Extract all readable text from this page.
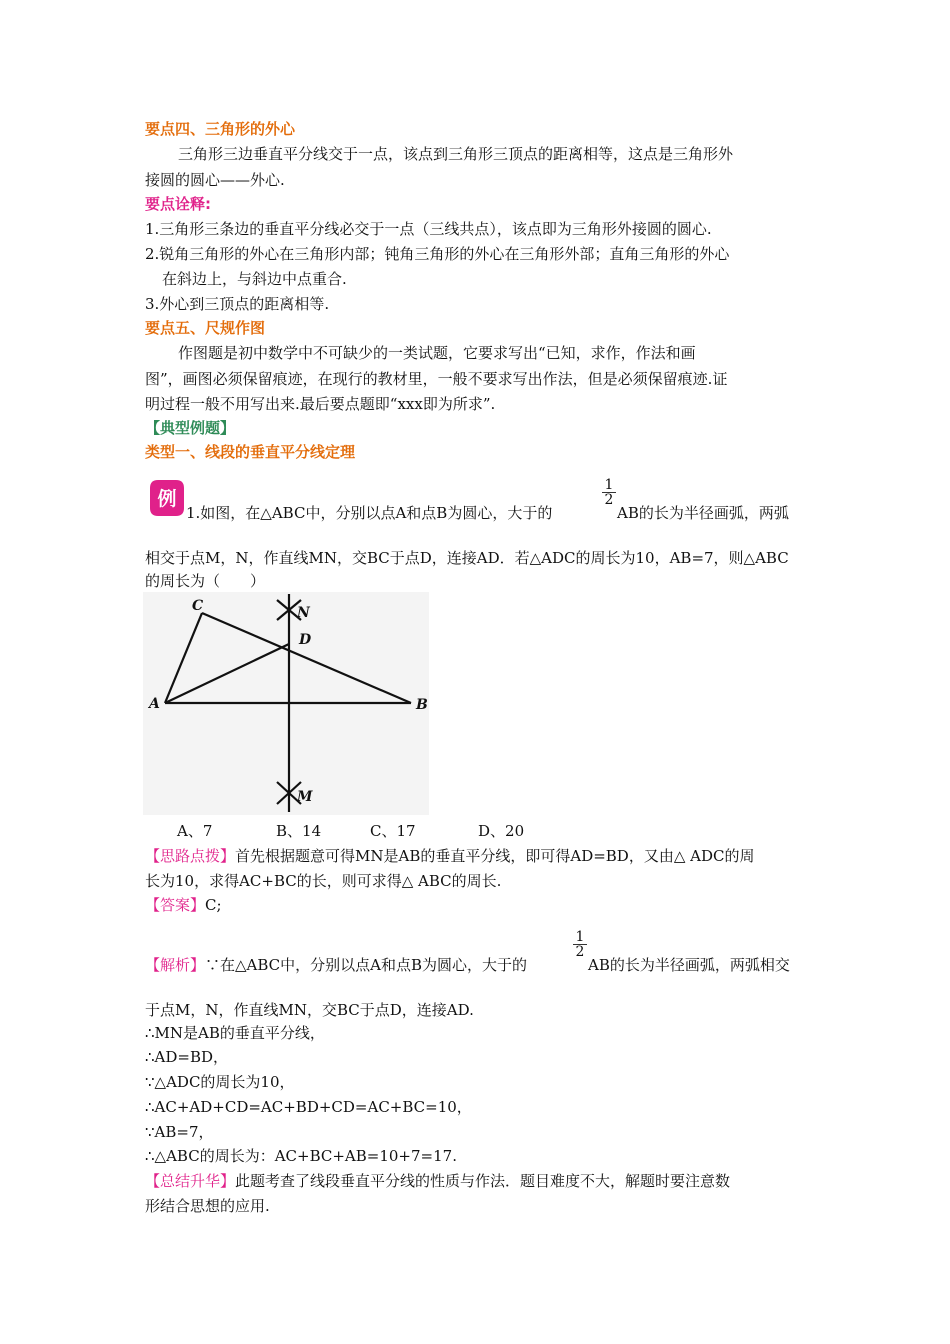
要点四、三角形的外心
三角形三边垂直平分线交于一点，该点到三角形三顶点的距离相等，这点是三角形外
接圆的圆心——外心.
要点诠释:
1.三角形三条边的垂直平分线必交于一点（三线共点），该点即为三角形外接圆的圆心.
2.锐角三角形的外心在三角形内部；钝角三角形的外心在三角形外部；直角三角形的外心
在斜边上，与斜边中点重合.
3.外心到三顶点的距离相等.
要点五、尺规作图
作图题是初中数学中不可缺少的一类试题，它要求写出“已知，求作，作法和画
图”，画图必须保留痕迹，在现行的教材里，一般不要求写出作法，但是必须保留痕迹.证
明过程一般不用写出来.最后要点题即“xxx即为所求”.
【典型例题】
类型一、线段的垂直平分线定理
例
1.如图，在△ABC中，分别以点A和点B为圆心，大于的
$\frac{1}{2}$
AB的长为半径画弧，两弧
相交于点M，N，作直线MN，交BC于点D，连接AD．若△ADC的周长为10，AB=7，则△ABC
的周长为（　　）
A	B
C
D
M
N
A、7	B、14	C、17	D、20
【思路点拨】首先根据题意可得MN是AB的垂直平分线，即可得AD=BD，又由△ ADC的周
长为10，求得AC+BC的长，则可求得△ ABC的周长.
【答案】C;
【解析】∵在△ABC中，分别以点A和点B为圆心，大于的
$\frac{1}{2}$
AB的长为半径画弧，两弧相交
于点M，N，作直线MN，交BC于点D，连接AD.
∴MN是AB的垂直平分线，
∴AD=BD，
∵△ADC的周长为10，
∴AC+AD+CD=AC+BD+CD=AC+BC=10，
∵AB=7，
∴△ABC的周长为：AC+BC+AB=10+7=17.
【总结升华】此题考查了线段垂直平分线的性质与作法．题目难度不大，解题时要注意数
形结合思想的应用.
